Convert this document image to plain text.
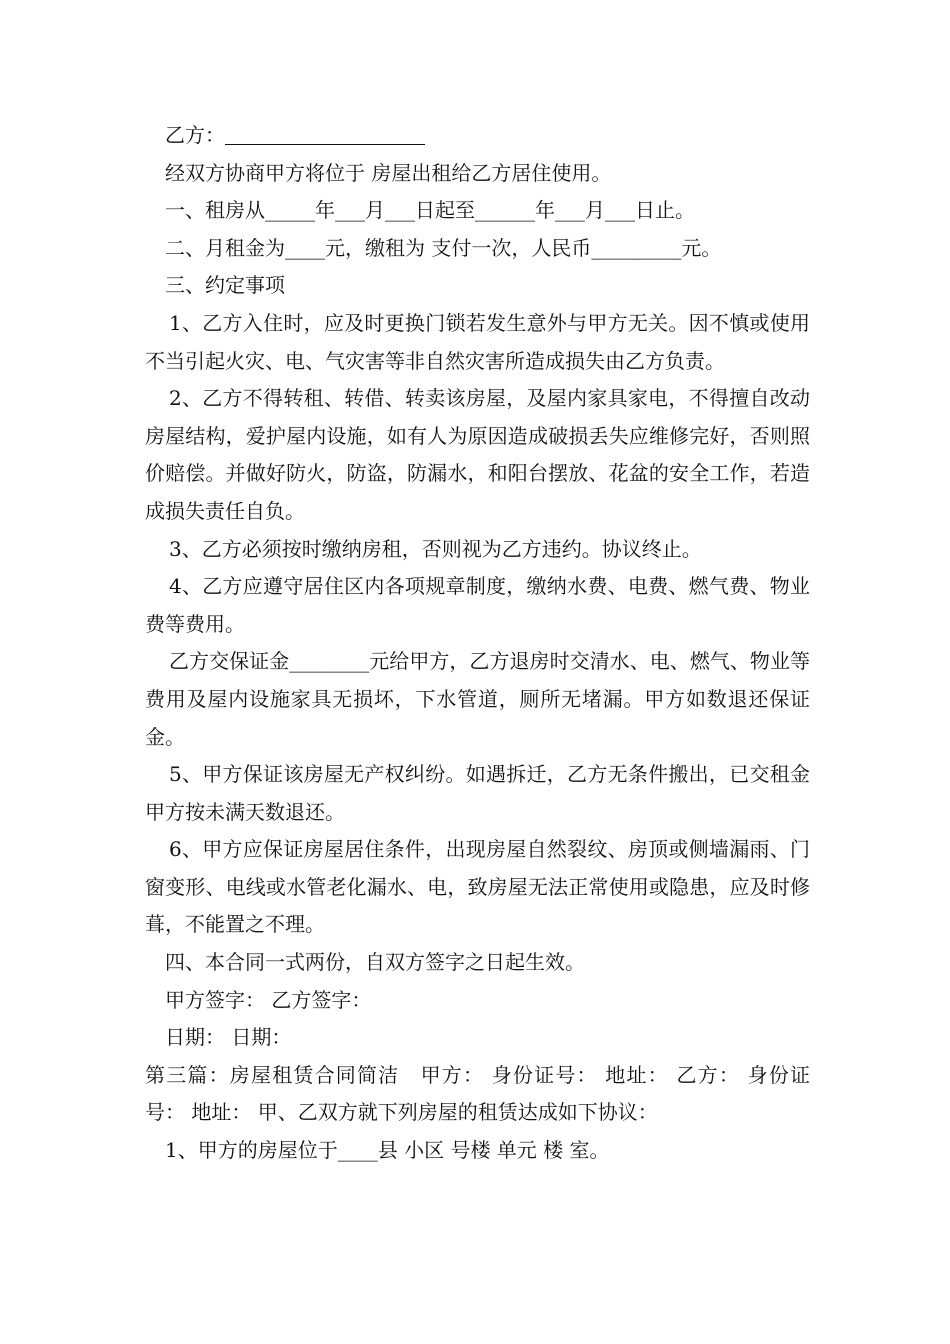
乙方：

经双方协商甲方将位于 房屋出租给乙方居住使用。

一、租房从_____年___月___日起至______年___月___日止。

二、月租金为____元，缴租为 支付一次，人民币_________元。

三、约定事项

1、乙方入住时，应及时更换门锁若发生意外与甲方无关。因不慎或使用不当引起火灾、电、气灾害等非自然灾害所造成损失由乙方负责。

2、乙方不得转租、转借、转卖该房屋，及屋内家具家电，不得擅自改动房屋结构，爱护屋内设施，如有人为原因造成破损丢失应维修完好，否则照价赔偿。并做好防火，防盗，防漏水，和阳台摆放、花盆的安全工作，若造成损失责任自负。

3、乙方必须按时缴纳房租，否则视为乙方违约。协议终止。

4、乙方应遵守居住区内各项规章制度，缴纳水费、电费、燃气费、物业费等费用。

乙方交保证金________元给甲方，乙方退房时交清水、电、燃气、物业等费用及屋内设施家具无损坏，下水管道，厕所无堵漏。甲方如数退还保证金。

5、甲方保证该房屋无产权纠纷。如遇拆迁，乙方无条件搬出，已交租金甲方按未满天数退还。

6、甲方应保证房屋居住条件，出现房屋自然裂纹、房顶或侧墙漏雨、门窗变形、电线或水管老化漏水、电，致房屋无法正常使用或隐患，应及时修葺，不能置之不理。

四、本合同一式两份，自双方签字之日起生效。

甲方签字： 乙方签字：

日期： 日期：

第三篇：房屋租赁合同简洁　甲方： 身份证号： 地址： 乙方： 身份证号： 地址： 甲、乙双方就下列房屋的租赁达成如下协议：

1、甲方的房屋位于____县 小区 号楼 单元 楼 室。
